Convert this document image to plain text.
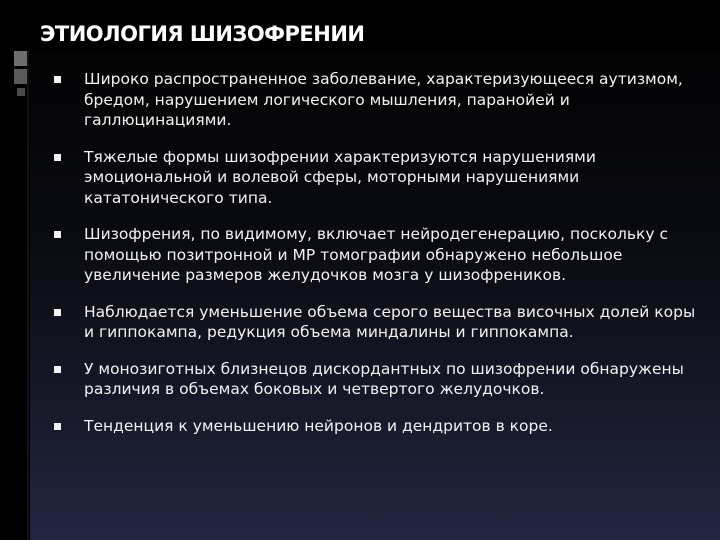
ЭТИОЛОГИЯ ШИЗОФРЕНИИ
Широко распространенное заболевание, характеризующееся аутизмом, бредом, нарушением логического мышления, паранойей и галлюцинациями.
Тяжелые формы шизофрении характеризуются нарушениями эмоциональной и волевой сферы, моторными нарушениями кататонического типа.
Шизофрения, по видимому, включает нейродегенерацию, поскольку с помощью позитронной и МР томографии обнаружено небольшое увеличение размеров желудочков мозга у шизофреников.
Наблюдается уменьшение объема серого вещества височных долей коры и гиппокампа, редукция объема миндалины и гиппокампа.
У монозиготных близнецов дискордантных по шизофрении обнаружены различия в объемах боковых и четвертого желудочков.
Тенденция к уменьшению нейронов и дендритов в коре.
